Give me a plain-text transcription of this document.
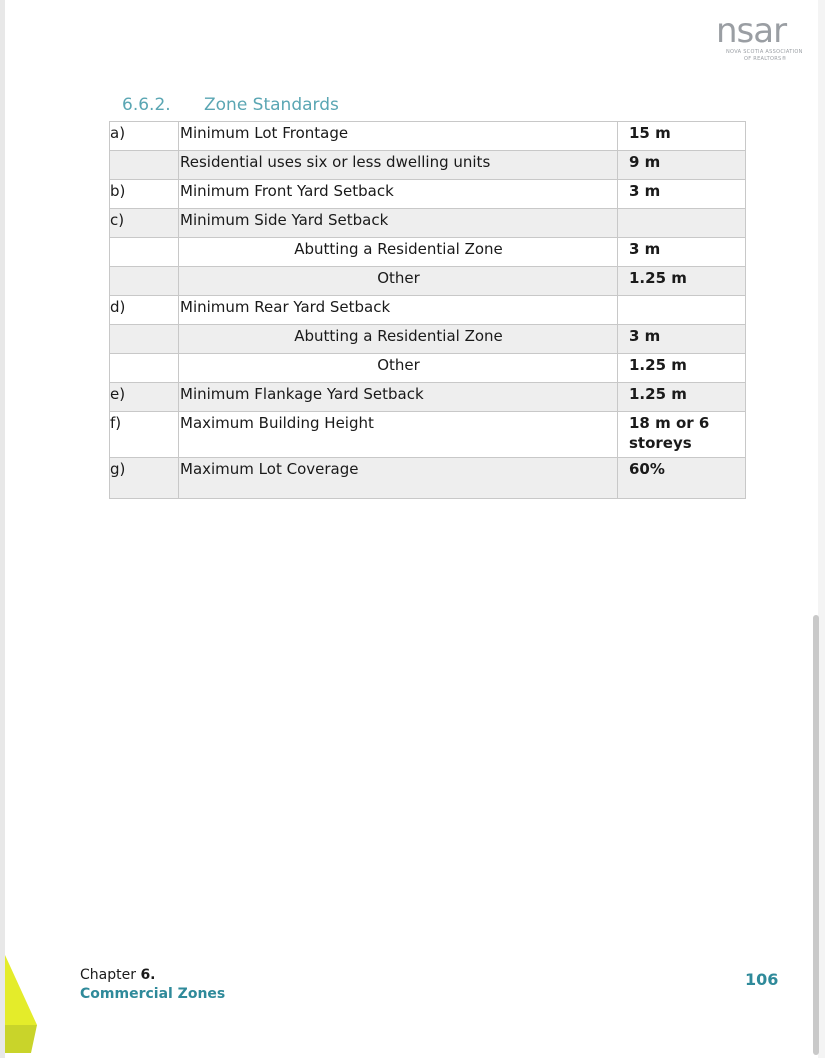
nsar
NOVA SCOTIA ASSOCIATION
OF REALTORS®
6.6.2. Zone Standards
a)	Minimum Lot Frontage	15 m
	Residential uses six or less dwelling units	9 m
b)	Minimum Front Yard Setback	3 m
c)	Minimum Side Yard Setback	
	Abutting a Residential Zone	3 m
	Other	1.25 m
d)	Minimum Rear Yard Setback	
	Abutting a Residential Zone	3 m
	Other	1.25 m
e)	Minimum Flankage Yard Setback	1.25 m
f)	Maximum Building Height	18 m or 6 storeys
g)	Maximum Lot Coverage	60%
Chapter 6.
Commercial Zones
106
